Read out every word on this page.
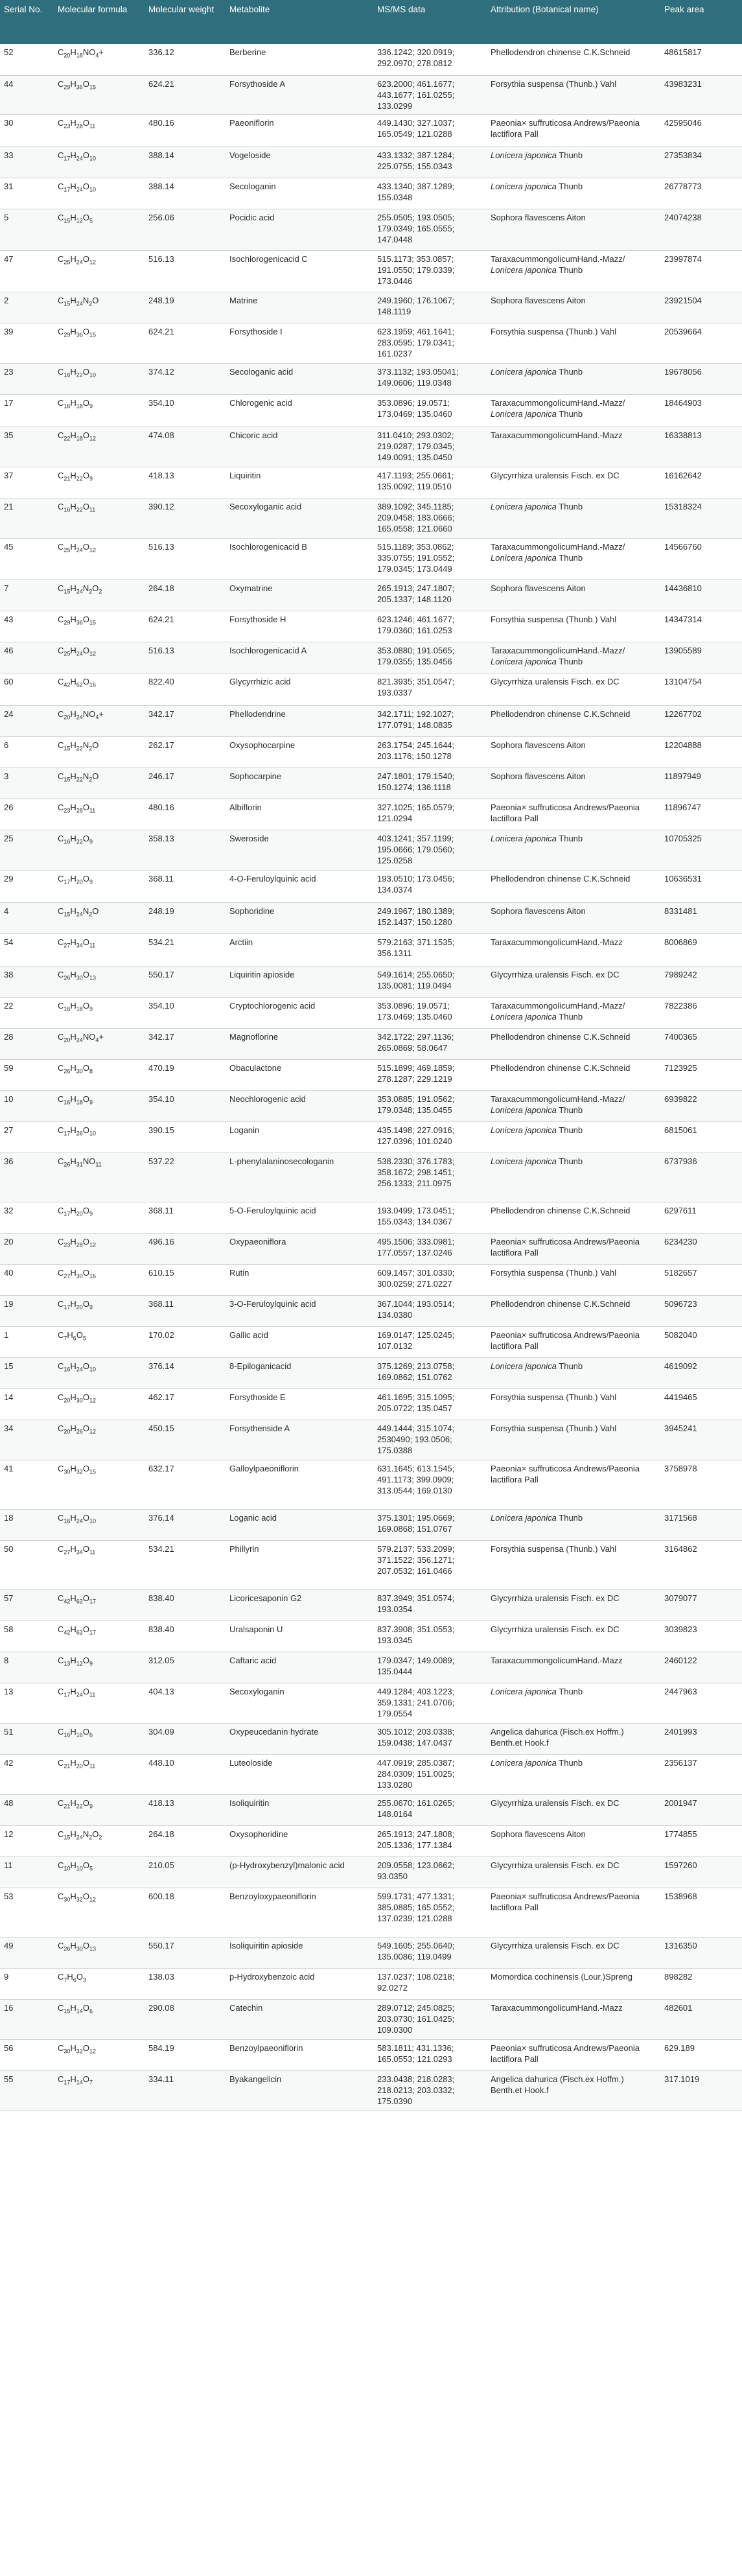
Serial No.	Molecular formula	Molecular weight	Metabolite	MS/MS data	Attribution (Botanical name)	Peak area
52	$C_{20}H_{18}NO_4+$	336.12	Berberine	336.1242; 320.0919;
292.0970; 278.0812	Phellodendron chinense C.K.Schneid	48615817
44	$C_{29}H_{36}O_{15}$	624.21	Forsythoside A	623.2000; 461.1677;
443.1677; 161.0255;
133.0299	Forsythia suspensa (Thunb.) Vahl	43983231
30	$C_{23}H_{28}O_{11}$	480.16	Paeoniflorin	449.1430; 327.1037;
165.0549; 121.0288	Paeonia× suffruticosa Andrews/Paeonia
lactiflora Pall	42595046
33	$C_{17}H_{24}O_{10}$	388.14	Vogeloside	433.1332; 387.1284;
225.0755; 155.0343	Lonicera japonica Thunb	27353834
31	$C_{17}H_{24}O_{10}$	388.14	Secologanin	433.1340; 387.1289;
155.0348	Lonicera japonica Thunb	26778773
5	$C_{15}H_{12}O_5$	256.06	Pocidic acid	255.0505; 193.0505;
179.0349; 165.0555;
147.0448	Sophora flavescens Aiton	24074238
47	$C_{25}H_{24}O_{12}$	516.13	Isochlorogenicacid C	515.1173; 353.0857;
191.0550; 179.0339;
173.0446	TaraxacummongolicumHand.-Mazz/
Lonicera japonica Thunb	23997874
2	$C_{15}H_{24}N_2O$	248.19	Matrine	249.1960; 176.1067;
148.1119	Sophora flavescens Aiton	23921504
39	$C_{29}H_{36}O_{15}$	624.21	Forsythoside I	623.1959; 461.1641;
283.0595; 179.0341;
161.0237	Forsythia suspensa (Thunb.) Vahl	20539664
23	$C_{16}H_{22}O_{10}$	374.12	Secologanic acid	373.1132; 193.05041;
149.0606; 119.0348	Lonicera japonica Thunb	19678056
17	$C_{16}H_{18}O_9$	354.10	Chlorogenic acid	353.0896; 19.0571;
173.0469; 135.0460	TaraxacummongolicumHand.-Mazz/
Lonicera japonica Thunb	18464903
35	$C_{22}H_{18}O_{12}$	474.08	Chicoric acid	311.0410; 293.0302;
219.0287; 179.0345;
149.0091; 135.0450	TaraxacummongolicumHand.-Mazz	16338813
37	$C_{21}H_{22}O_9$	418.13	Liquiritin	417.1193; 255.0661;
135.0092; 119.0510	Glycyrrhiza uralensis Fisch. ex DC	16162642
21	$C_{16}H_{22}O_{11}$	390.12	Secoxyloganic acid	389.1092; 345.1185;
209.0458; 183.0666;
165.0558; 121.0660	Lonicera japonica Thunb	15318324
45	$C_{25}H_{24}O_{12}$	516.13	Isochlorogenicacid B	515.1189; 353.0862;
335.0755; 191.0552;
179.0345; 173.0449	TaraxacummongolicumHand.-Mazz/
Lonicera japonica Thunb	14566760
7	$C_{15}H_{24}N_2O_2$	264.18	Oxymatrine	265.1913; 247.1807;
205.1337; 148.1120	Sophora flavescens Aiton	14436810
43	$C_{29}H_{36}O_{15}$	624.21	Forsythoside H	623.1246; 461.1677;
179.0360; 161.0253	Forsythia suspensa (Thunb.) Vahl	14347314
46	$C_{25}H_{24}O_{12}$	516.13	Isochlorogenicacid A	353.0880; 191.0565;
179.0355; 135.0456	TaraxacummongolicumHand.-Mazz/
Lonicera japonica Thunb	13905589
60	$C_{42}H_{62}O_{16}$	822.40	Glycyrrhizic acid	821.3935; 351.0547;
193.0337	Glycyrrhiza uralensis Fisch. ex DC	13104754
24	$C_{20}H_{24}NO_4+$	342.17	Phellodendrine	342.1711; 192.1027;
177.0791; 148.0835	Phellodendron chinense C.K.Schneid	12267702
6	$C_{15}H_{22}N_2O$	262.17	Oxysophocarpine	263.1754; 245.1644;
203.1176; 150.1278	Sophora flavescens Aiton	12204888
3	$C_{15}H_{22}N_2O$	246.17	Sophocarpine	247.1801; 179.1540;
150.1274; 136.1118	Sophora flavescens Aiton	11897949
26	$C_{23}H_{28}O_{11}$	480.16	Albiflorin	327.1025; 165.0579;
121.0294	Paeonia× suffruticosa Andrews/Paeonia
lactiflora Pall	11896747
25	$C_{16}H_{22}O_9$	358.13	Sweroside	403.1241; 357.1199;
195.0666; 179.0560;
125.0258	Lonicera japonica Thunb	10705325
29	$C_{17}H_{20}O_9$	368.11	4-O-Feruloylquinic acid	193.0510; 173.0456;
134.0374	Phellodendron chinense C.K.Schneid	10636531
4	$C_{15}H_{24}N_2O$	248.19	Sophoridine	249.1967; 180.1389;
152.1437; 150.1280	Sophora flavescens Aiton	8331481
54	$C_{27}H_{34}O_{11}$	534.21	Arctiin	579.2163; 371.1535;
356.1311	TaraxacummongolicumHand.-Mazz	8006869
38	$C_{26}H_{30}O_{13}$	550.17	Liquiritin apioside	549.1614; 255.0650;
135.0081; 119.0494	Glycyrrhiza uralensis Fisch. ex DC	7989242
22	$C_{16}H_{18}O_9$	354.10	Cryptochlorogenic acid	353.0896; 19.0571;
173.0469; 135.0460	TaraxacummongolicumHand.-Mazz/
Lonicera japonica Thunb	7822386
28	$C_{20}H_{24}NO_4+$	342.17	Magnoflorine	342.1722; 297.1136;
265.0869; 58.0647	Phellodendron chinense C.K.Schneid	7400365
59	$C_{26}H_{30}O_8$	470.19	Obaculactone	515.1899; 469.1859;
278.1287; 229.1219	Phellodendron chinense C.K.Schneid	7123925
10	$C_{16}H_{18}O_9$	354.10	Neochlorogenic acid	353.0885; 191.0562;
179.0348; 135.0455	TaraxacummongolicumHand.-Mazz/
Lonicera japonica Thunb	6939822
27	$C_{17}H_{26}O_{10}$	390.15	Loganin	435.1498; 227.0916;
127.0396; 101.0240	Lonicera japonica Thunb	6815061
36	$C_{26}H_{31}NO_{11}$	537.22	L-phenylalaninosecologanin	538.2330; 376.1783;
358.1672; 298.1451;
256.1333; 211.0975	Lonicera japonica Thunb	6737936
32	$C_{17}H_{20}O_9$	368.11	5-O-Feruloylquinic acid	193.0499; 173.0451;
155.0343; 134.0367	Phellodendron chinense C.K.Schneid	6297611
20	$C_{23}H_{28}O_{12}$	496.16	Oxypaeoniflora	495.1506; 333.0981;
177.0557; 137.0246	Paeonia× suffruticosa Andrews/Paeonia
lactiflora Pall	6234230
40	$C_{27}H_{30}O_{16}$	610.15	Rutin	609.1457; 301.0330;
300.0259; 271.0227	Forsythia suspensa (Thunb.) Vahl	5182657
19	$C_{17}H_{20}O_9$	368.11	3-O-Feruloylquinic acid	367.1044; 193.0514;
134.0380	Phellodendron chinense C.K.Schneid	5096723
1	$C_7H_6O_5$	170.02	Gallic acid	169.0147; 125.0245;
107.0132	Paeonia× suffruticosa Andrews/Paeonia
lactiflora Pall	5082040
15	$C_{16}H_{24}O_{10}$	376.14	8-Epiloganicacid	375.1269; 213.0758;
169.0862; 151.0762	Lonicera japonica Thunb	4619092
14	$C_{20}H_{30}O_{12}$	462.17	Forsythoside E	461.1695; 315.1095;
205.0722; 135.0457	Forsythia suspensa (Thunb.) Vahl	4419465
34	$C_{20}H_{26}O_{12}$	450.15	Forsythenside A	449.1444; 315.1074;
2530490; 193.0506;
175.0388	Forsythia suspensa (Thunb.) Vahl	3945241
41	$C_{30}H_{32}O_{15}$	632.17	Galloylpaeoniflorin	631.1645; 613.1545;
491.1173; 399.0909;
313.0544; 169.0130	Paeonia× suffruticosa Andrews/Paeonia
lactiflora Pall	3758978
18	$C_{16}H_{24}O_{10}$	376.14	Loganic acid	375.1301; 195.0669;
169.0868; 151.0767	Lonicera japonica Thunb	3171568
50	$C_{27}H_{34}O_{11}$	534.21	Phillyrin	579.2137; 533.2099;
371.1522; 356.1271;
207.0532; 161.0466	Forsythia suspensa (Thunb.) Vahl	3164862
57	$C_{42}H_{62}O_{17}$	838.40	Licoricesaponin G2	837.3949; 351.0574;
193.0354	Glycyrrhiza uralensis Fisch. ex DC	3079077
58	$C_{42}H_{62}O_{17}$	838.40	Uralsaponin U	837.3908; 351.0553;
193.0345	Glycyrrhiza uralensis Fisch. ex DC	3039823
8	$C_{13}H_{12}O_9$	312.05	Caftaric acid	179.0347; 149.0089;
135.0444	TaraxacummongolicumHand.-Mazz	2460122
13	$C_{17}H_{24}O_{11}$	404.13	Secoxyloganin	449.1284; 403.1223;
359.1331; 241.0706;
179.0554	Lonicera japonica Thunb	2447963
51	$C_{16}H_{16}O_6$	304.09	Oxypeucedanin hydrate	305.1012; 203.0338;
159.0438; 147.0437	Angelica dahurica (Fisch.ex Hoffm.)
Benth.et Hook.f	2401993
42	$C_{21}H_{20}O_{11}$	448.10	Luteoloside	447.0919; 285.0387;
284.0309; 151.0025;
133.0280	Lonicera japonica Thunb	2356137
48	$C_{21}H_{22}O_9$	418.13	Isoliquiritin	255.0670; 161.0265;
148.0164	Glycyrrhiza uralensis Fisch. ex DC	2001947
12	$C_{15}H_{24}N_2O_2$	264.18	Oxysophoridine	265.1913; 247.1808;
205.1336; 177.1384	Sophora flavescens Aiton	1774855
11	$C_{10}H_{10}O_5$	210.05	(p-Hydroxybenzyl)malonic acid	209.0558; 123.0662;
93.0350	Glycyrrhiza uralensis Fisch. ex DC	1597260
53	$C_{30}H_{32}O_{12}$	600.18	Benzoyloxypaeoniflorin	599.1731; 477.1331;
385.0885; 165.0552;
137.0239; 121.0288	Paeonia× suffruticosa Andrews/Paeonia
lactiflora Pall	1538968
49	$C_{26}H_{30}O_{13}$	550.17	Isoliquiritin apioside	549.1605; 255.0640;
135.0086; 119.0499	Glycyrrhiza uralensis Fisch. ex DC	1316350
9	$C_7H_6O_3$	138.03	p-Hydroxybenzoic acid	137.0237; 108.0218;
92.0272	Momordica cochinensis (Lour.)Spreng	898282
16	$C_{15}H_{14}O_6$	290.08	Catechin	289.0712; 245.0825;
203.0730; 161.0425;
109.0300	TaraxacummongolicumHand.-Mazz	482601
56	$C_{30}H_{32}O_{12}$	584.19	Benzoylpaeoniflorin	583.1811; 431.1336;
165.0553; 121.0293	Paeonia× suffruticosa Andrews/Paeonia
lactiflora Pall	629.189
55	$C_{17}H_{14}O_7$	334.11	Byakangelicin	233.0438; 218.0283;
218.0213; 203.0332;
175.0390	Angelica dahurica (Fisch.ex Hoffm.)
Benth.et Hook.f	317.1019
